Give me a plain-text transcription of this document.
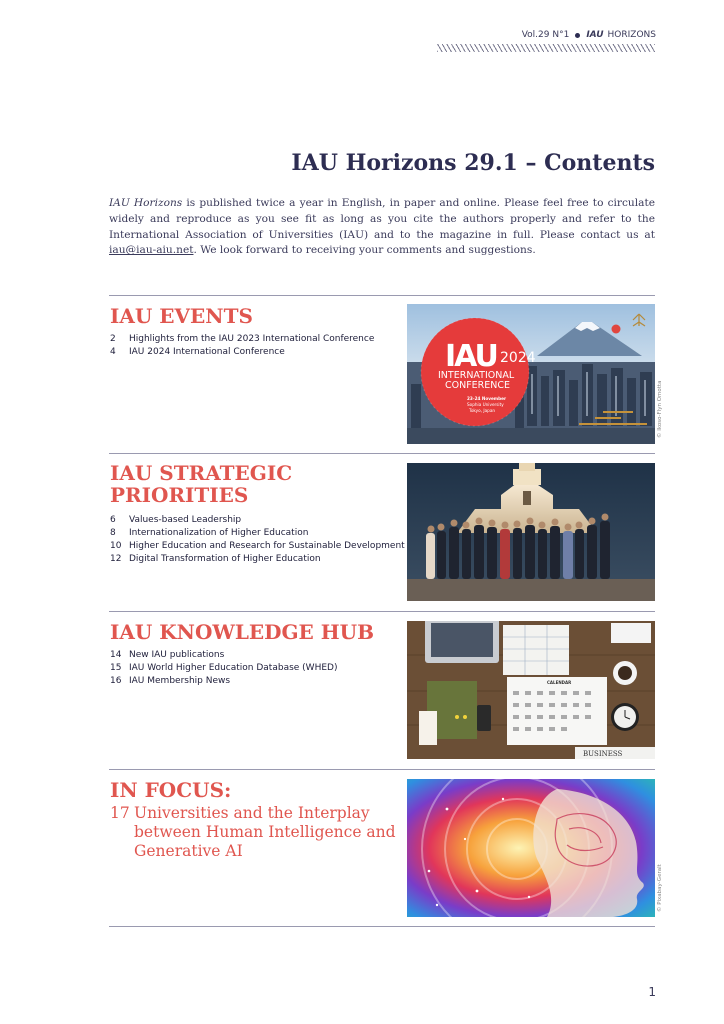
Vol.29 N°1 IAU HORIZONS
IAU Horizons 29.1 – Contents

IAU Horizons is published twice a year in English, in paper and online. Please feel free to circulate widely and reproduce as you see fit as long as you cite the authors properly and refer to the International Association of Universities (IAU) and to the magazine in full. Please contact us at iau@iau-aiu.net. We look forward to receiving your comments and suggestions.

IAU EVENTS
2	Highlights from the IAU 2023 International Conference
4	IAU 2024 International Conference	IAU 2024
INTERNATIONAL
CONFERENCE
23-24 November
Sophia University
Tokyo, Japan	© Ikoso-Flyn Omotta
IAU STRATEGIC PRIORITIES
6	Values-based Leadership
8	Internationalization of Higher Education
10 Higher Education and Research for Sustainable Development
12 Digital Transformation of Higher Education
IAU KNOWLEDGE HUB
14 New IAU publications
15 IAU World Higher Education Database (WHED)
16 IAU Membership News	CALENDAR
BUSINESS
IN FOCUS:
17 Universities and the Interplay between Human Intelligence and Generative AI
© Pixabay-Geralt
1
